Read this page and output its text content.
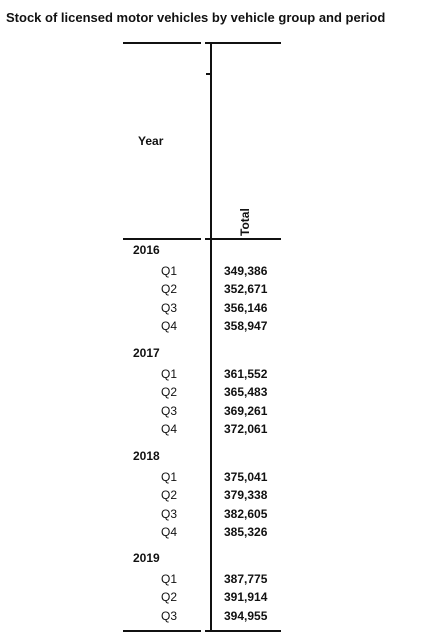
Stock of licensed motor vehicles by vehicle group and period
Year
Total
2016
Q1	349,386
Q2	352,671
Q3	356,146
Q4	358,947
2017
Q1	361,552
Q2	365,483
Q3	369,261
Q4	372,061
2018
Q1	375,041
Q2	379,338
Q3	382,605
Q4	385,326
2019
Q1	387,775
Q2	391,914
Q3	394,955
